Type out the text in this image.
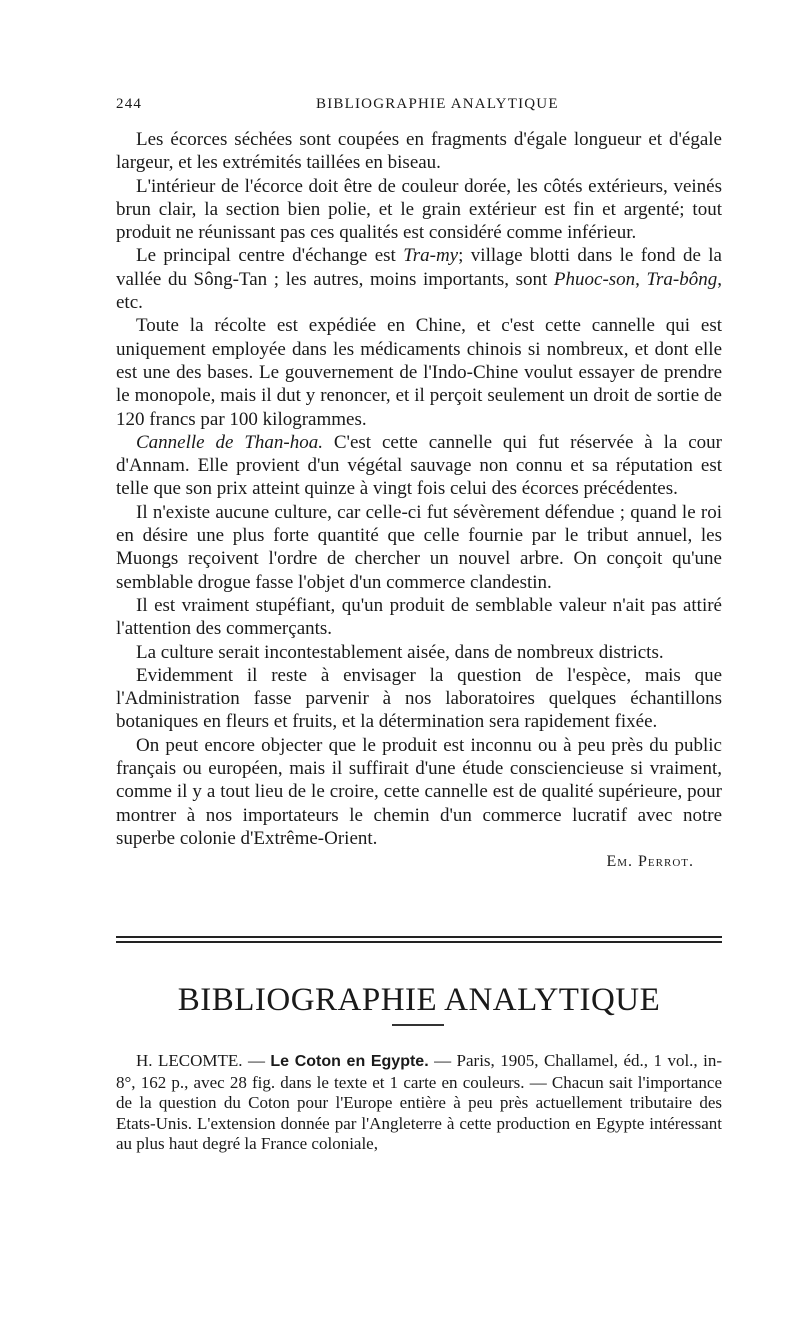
244	BIBLIOGRAPHIE ANALYTIQUE

Les écorces séchées sont coupées en fragments d'égale longueur et d'égale largeur, et les extrémités taillées en biseau.

L'intérieur de l'écorce doit être de couleur dorée, les côtés extérieurs, veinés brun clair, la section bien polie, et le grain extérieur est fin et argenté; tout produit ne réunissant pas ces qualités est considéré comme inférieur.

Le principal centre d'échange est Tra-my; village blotti dans le fond de la vallée du Sông-Tan ; les autres, moins importants, sont Phuoc-son, Tra-bông, etc.

Toute la récolte est expédiée en Chine, et c'est cette cannelle qui est uniquement employée dans les médicaments chinois si nombreux, et dont elle est une des bases. Le gouvernement de l'Indo-Chine voulut essayer de prendre le monopole, mais il dut y renoncer, et il perçoit seulement un droit de sortie de 120 francs par 100 kilogrammes.

Cannelle de Than-hoa. C'est cette cannelle qui fut réservée à la cour d'Annam. Elle provient d'un végétal sauvage non connu et sa réputation est telle que son prix atteint quinze à vingt fois celui des écorces précédentes.

Il n'existe aucune culture, car celle-ci fut sévèrement défendue ; quand le roi en désire une plus forte quantité que celle fournie par le tribut annuel, les Muongs reçoivent l'ordre de chercher un nouvel arbre. On conçoit qu'une semblable drogue fasse l'objet d'un commerce clandestin.

Il est vraiment stupéfiant, qu'un produit de semblable valeur n'ait pas attiré l'attention des commerçants.

La culture serait incontestablement aisée, dans de nombreux districts.

Evidemment il reste à envisager la question de l'espèce, mais que l'Administration fasse parvenir à nos laboratoires quelques échantillons botaniques en fleurs et fruits, et la détermination sera rapidement fixée.

On peut encore objecter que le produit est inconnu ou à peu près du public français ou européen, mais il suffirait d'une étude consciencieuse si vraiment, comme il y a tout lieu de le croire, cette cannelle est de qualité supérieure, pour montrer à nos importateurs le chemin d'un commerce lucratif avec notre superbe colonie d'Extrême-Orient.

Em. Perrot.
BIBLIOGRAPHIE ANALYTIQUE

H. LECOMTE. — Le Coton en Egypte. — Paris, 1905, Challamel, éd., 1 vol., in-8°, 162 p., avec 28 fig. dans le texte et 1 carte en couleurs. — Chacun sait l'importance de la question du Coton pour l'Europe entière à peu près actuellement tributaire des Etats-Unis. L'extension donnée par l'Angleterre à cette production en Egypte intéressant au plus haut degré la France coloniale,
